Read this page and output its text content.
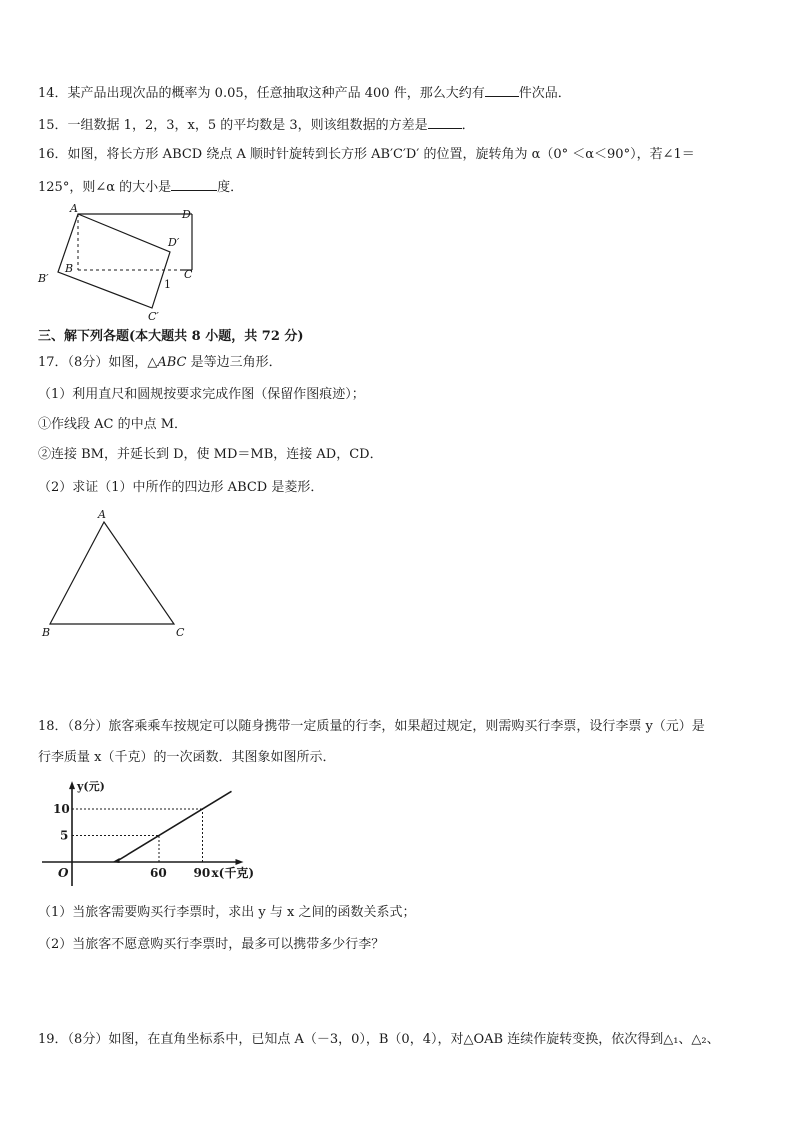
14．某产品出现次品的概率为 0.05，任意抽取这种产品 400 件，那么大约有	件次品．
15．一组数据 1，2，3，x，5 的平均数是 3，则该组数据的方差是	．
16．如图，将长方形 ABCD 绕点 A 顺时针旋转到长方形 AB′C′D′ 的位置，旋转角为 α（0° ＜α＜90°），若∠1＝
125°，则∠α 的大小是	度．
A	D
D′
B	C
B′
C′
1
三、解下列各题(本大题共 8 小题，共 72 分)
17．（8分）如图，△ABC 是等边三角形．
（1）利用直尺和圆规按要求完成作图（保留作图痕迹）；
①作线段 AC 的中点 M．
②连接 BM，并延长到 D，使 MD＝MB，连接 AD，CD．
（2）求证（1）中所作的四边形 ABCD 是菱形．
A
B	C
18．（8分）旅客乘乘车按规定可以随身携带一定质量的行李，如果超过规定，则需购买行李票，设行李票 y（元）是
行李质量 x（千克）的一次函数．其图象如图所示．
60
5
90
10
O
y(元)
x(千克)
（1）当旅客需要购买行李票时，求出 y 与 x 之间的函数关系式；
（2）当旅客不愿意购买行李票时，最多可以携带多少行李？
19．（8分）如图，在直角坐标系中，已知点 A（－3，0），B（0，4），对△OAB 连续作旋转变换，依次得到△₁、△₂、
